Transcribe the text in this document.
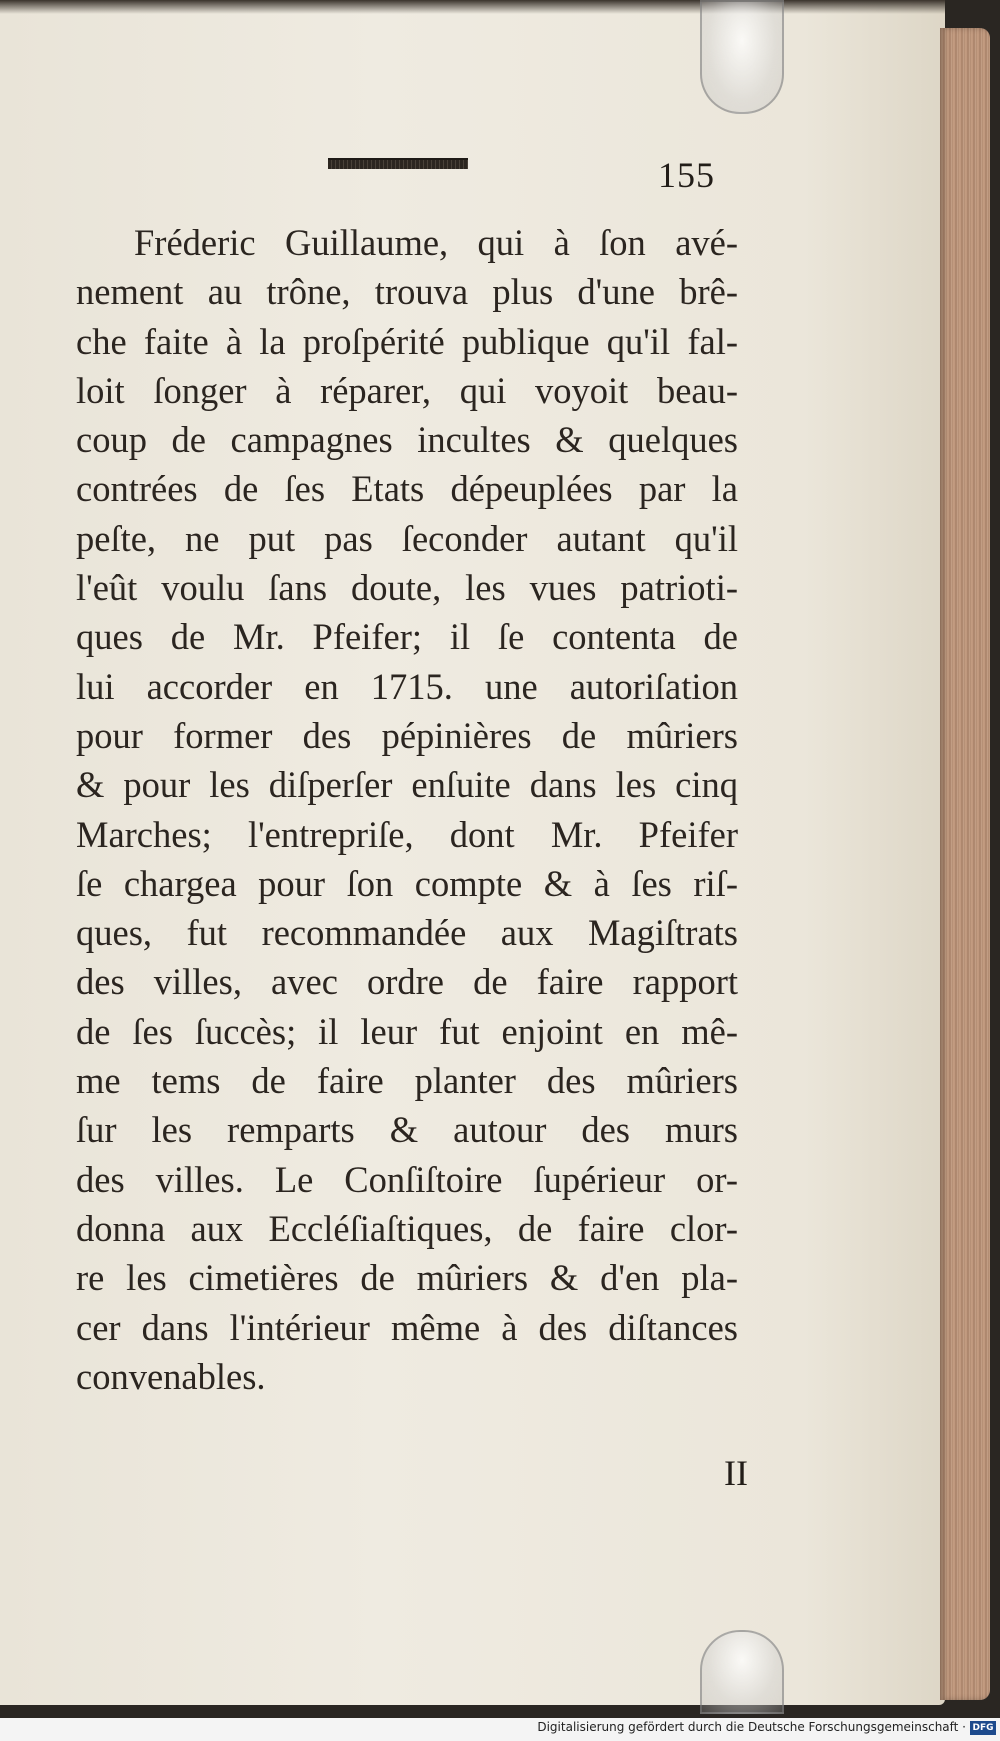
155
Fréderic Guillaume, qui à ſon avé-
nement au trône, trouva plus d'une brê-
che faite à la proſpérité publique qu'il fal-
loit ſonger à réparer, qui voyoit beau-
coup de campagnes incultes & quelques
contrées de ſes Etats dépeuplées par la
peſte, ne put pas ſeconder autant qu'il
l'eût voulu ſans doute, les vues patrioti-
ques de Mr. Pfeifer; il ſe contenta de
lui accorder en 1715. une autoriſation
pour former des pépinières de mûriers
& pour les diſperſer enſuite dans les cinq
Marches; l'entrepriſe, dont Mr. Pfeifer
ſe chargea pour ſon compte & à ſes riſ-
ques, fut recommandée aux Magiſtrats
des villes, avec ordre de faire rapport
de ſes ſuccès; il leur fut enjoint en mê-
me tems de faire planter des mûriers
ſur les remparts & autour des murs
des villes. Le Conſiſtoire ſupérieur or-
donna aux Eccléſiaſtiques, de faire clor-
re les cimetières de mûriers & d'en pla-
cer dans l'intérieur même à des diſtances
convenables.
II
Digitalisierung gefördert durch die Deutsche Forschungsgemeinschaft · DFG
